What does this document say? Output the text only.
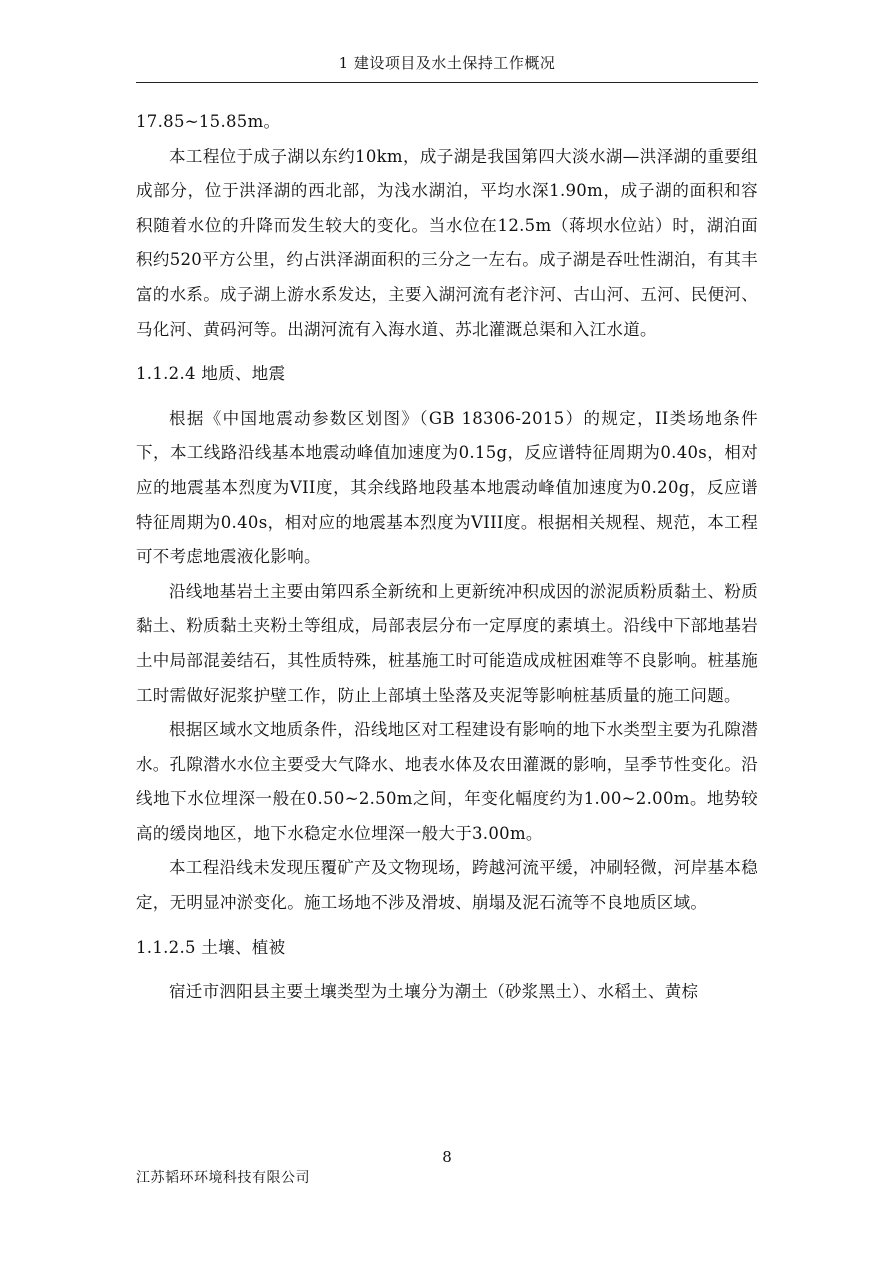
1 建设项目及水土保持工作概况

17.85~15.85m。

本工程位于成子湖以东约10km，成子湖是我国第四大淡水湖—洪泽湖的重要组成部分，位于洪泽湖的西北部，为浅水湖泊，平均水深1.90m，成子湖的面积和容积随着水位的升降而发生较大的变化。当水位在12.5m（蒋坝水位站）时，湖泊面积约520平方公里，约占洪泽湖面积的三分之一左右。成子湖是吞吐性湖泊，有其丰富的水系。成子湖上游水系发达，主要入湖河流有老汴河、古山河、五河、民便河、马化河、黄码河等。出湖河流有入海水道、苏北灌溉总渠和入江水道。

1.1.2.4 地质、地震

根据《中国地震动参数区划图》（GB 18306-2015）的规定，II类场地条件下，本工线路沿线基本地震动峰值加速度为0.15g，反应谱特征周期为0.40s，相对应的地震基本烈度为VII度，其余线路地段基本地震动峰值加速度为0.20g，反应谱特征周期为0.40s，相对应的地震基本烈度为VIII度。根据相关规程、规范，本工程可不考虑地震液化影响。

沿线地基岩土主要由第四系全新统和上更新统冲积成因的淤泥质粉质黏土、粉质黏土、粉质黏土夹粉土等组成，局部表层分布一定厚度的素填土。沿线中下部地基岩土中局部混姜结石，其性质特殊，桩基施工时可能造成成桩困难等不良影响。桩基施工时需做好泥浆护壁工作，防止上部填土坠落及夹泥等影响桩基质量的施工问题。

根据区域水文地质条件，沿线地区对工程建设有影响的地下水类型主要为孔隙潜水。孔隙潜水水位主要受大气降水、地表水体及农田灌溉的影响，呈季节性变化。沿线地下水位埋深一般在0.50~2.50m之间，年变化幅度约为1.00~2.00m。地势较高的缓岗地区，地下水稳定水位埋深一般大于3.00m。

本工程沿线未发现压覆矿产及文物现场，跨越河流平缓，冲刷轻微，河岸基本稳定，无明显冲淤变化。施工场地不涉及滑坡、崩塌及泥石流等不良地质区域。

1.1.2.5 土壤、植被

宿迁市泗阳县主要土壤类型为土壤分为潮土（砂浆黑土）、水稻土、黄棕

8
江苏韬环环境科技有限公司
